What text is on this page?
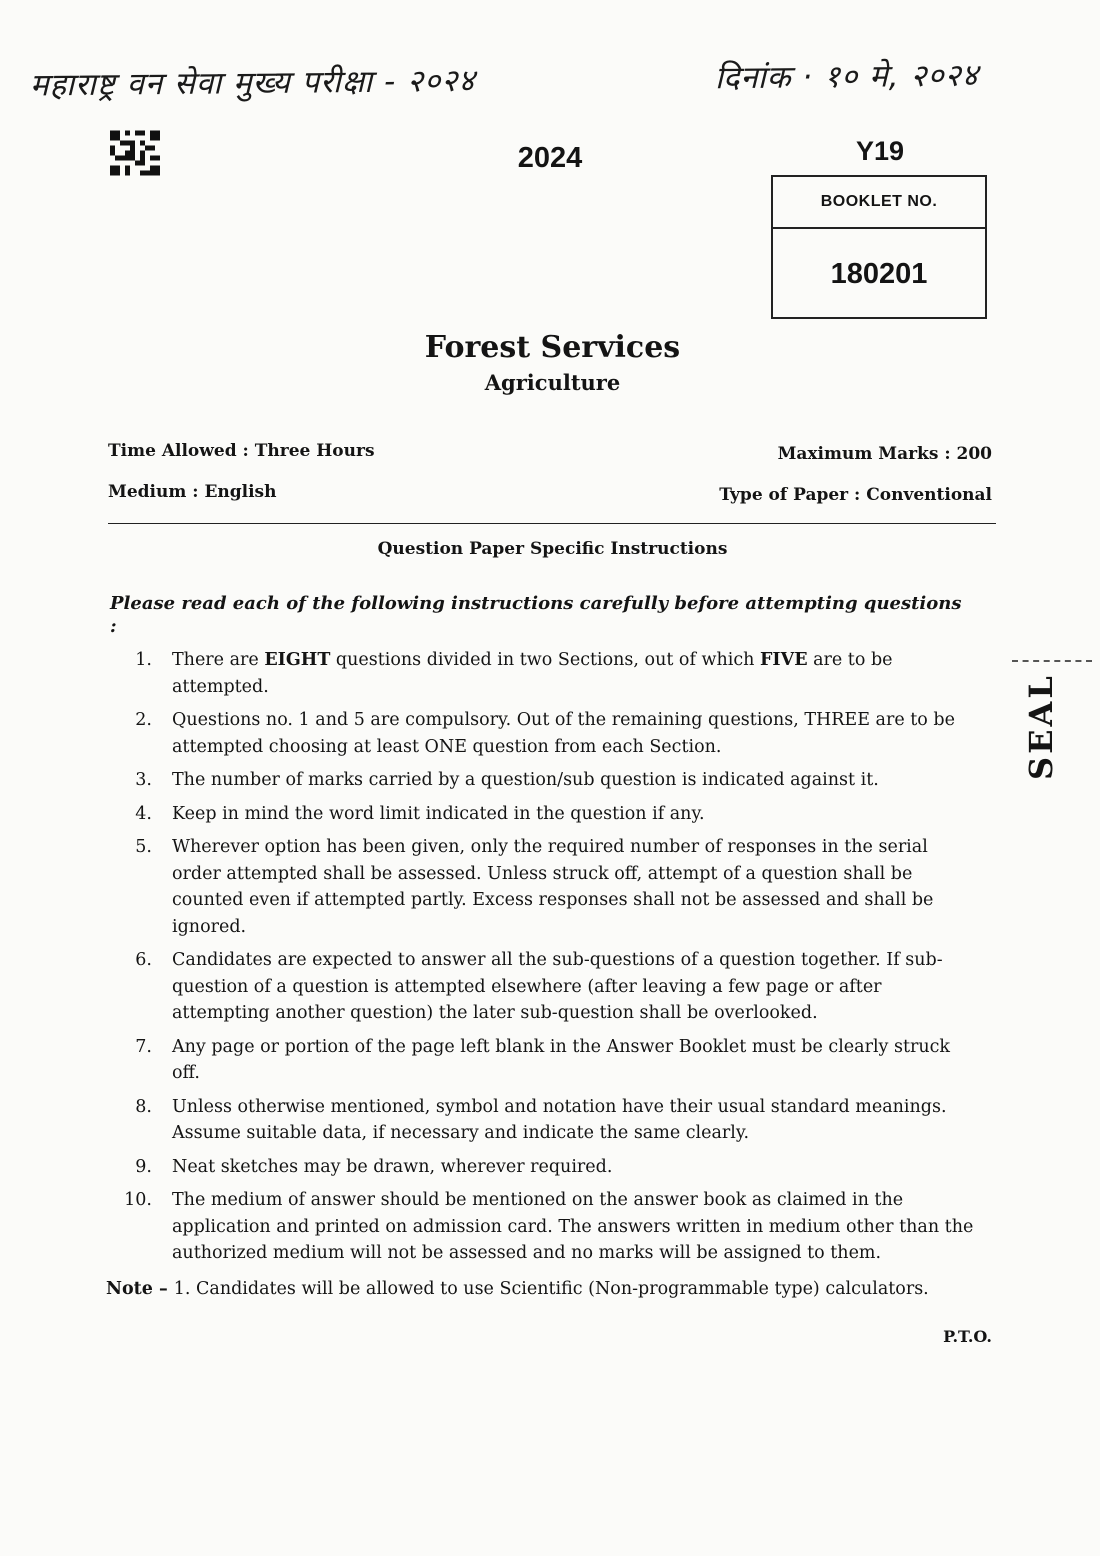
महाराष्ट्र वन सेवा मुख्य परीक्षा - २०२४	दिनांक · १० मे, २०२४
2024	Y19
BOOKLET NO.
180201
Forest Services
Agriculture
Time Allowed : Three Hours	Maximum Marks : 200
Medium : English	Type of Paper : Conventional
Question Paper Specific Instructions
Please read each of the following instructions carefully before attempting questions :
1. There are EIGHT questions divided in two Sections, out of which FIVE are to be attempted.
2. Questions no. 1 and 5 are compulsory. Out of the remaining questions, THREE are to be attempted choosing at least ONE question from each Section.
3. The number of marks carried by a question/sub question is indicated against it.
4. Keep in mind the word limit indicated in the question if any.
5. Wherever option has been given, only the required number of responses in the serial order attempted shall be assessed. Unless struck off, attempt of a question shall be counted even if attempted partly. Excess responses shall not be assessed and shall be ignored.
6. Candidates are expected to answer all the sub-questions of a question together. If sub-question of a question is attempted elsewhere (after leaving a few page or after attempting another question) the later sub-question shall be overlooked.
7. Any page or portion of the page left blank in the Answer Booklet must be clearly struck off.
8. Unless otherwise mentioned, symbol and notation have their usual standard meanings. Assume suitable data, if necessary and indicate the same clearly.
9. Neat sketches may be drawn, wherever required.
10. The medium of answer should be mentioned on the answer book as claimed in the application and printed on admission card. The answers written in medium other than the authorized medium will not be assessed and no marks will be assigned to them.
Note – 1. Candidates will be allowed to use Scientific (Non-programmable type) calculators.
P.T.O.
SEAL
